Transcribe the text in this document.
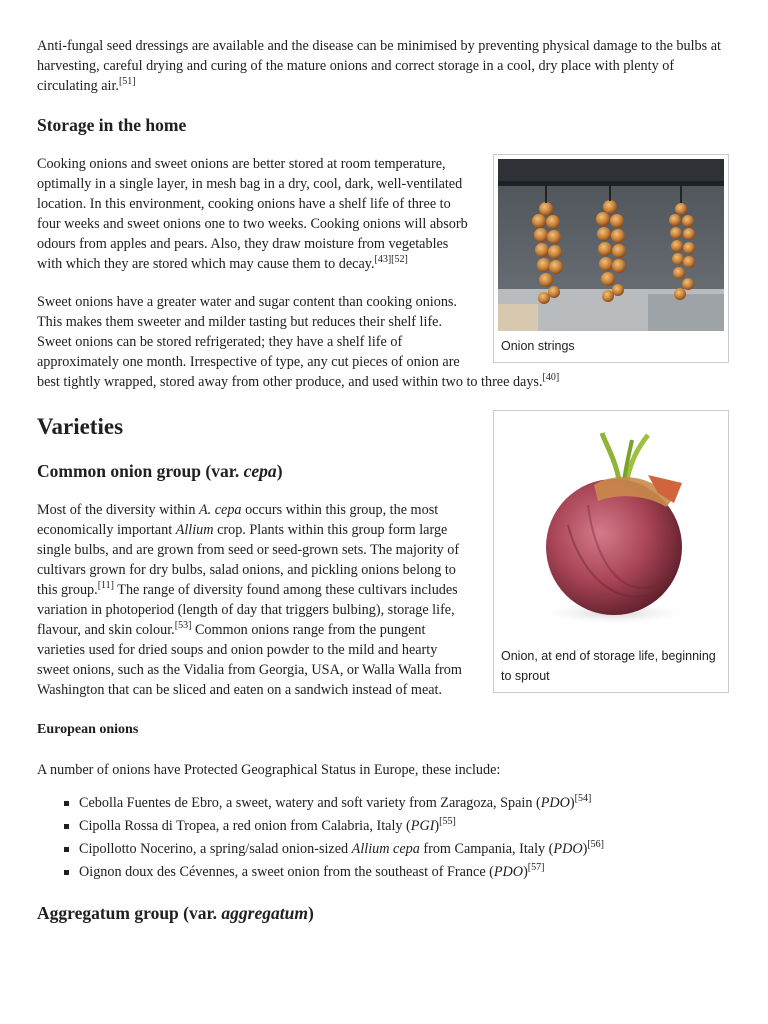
Anti-fungal seed dressings are available and the disease can be minimised by preventing physical damage to the bulbs at harvesting, careful drying and curing of the mature onions and correct storage in a cool, dry place with plenty of circulating air.[51]

Storage in the home
Onion strings

Cooking onions and sweet onions are better stored at room temperature, optimally in a single layer, in mesh bag in a dry, cool, dark, well-ventilated location. In this environment, cooking onions have a shelf life of three to four weeks and sweet onions one to two weeks. Cooking onions will absorb odours from apples and pears. Also, they draw moisture from vegetables with which they are stored which may cause them to decay.[43][52]

Sweet onions have a greater water and sugar content than cooking onions. This makes them sweeter and milder tasting but reduces their shelf life. Sweet onions can be stored refrigerated; they have a shelf life of approximately one month. Irrespective of type, any cut pieces of onion are best tightly wrapped, stored away from other produce, and used within two to three days.[40]

Onion, at end of storage life, beginning to sprout
Varieties
Common onion group (var. cepa)

Most of the diversity within A. cepa occurs within this group, the most economically important Allium crop. Plants within this group form large single bulbs, and are grown from seed or seed-grown sets. The majority of cultivars grown for dry bulbs, salad onions, and pickling onions belong to this group.[11] The range of diversity found among these cultivars includes variation in photoperiod (length of day that triggers bulbing), storage life, flavour, and skin colour.[53] Common onions range from the pungent varieties used for dried soups and onion powder to the mild and hearty sweet onions, such as the Vidalia from Georgia, USA, or Walla Walla from Washington that can be sliced and eaten on a sandwich instead of meat.

European onions

A number of onions have Protected Geographical Status in Europe, these include:

Cebolla Fuentes de Ebro, a sweet, watery and soft variety from Zaragoza, Spain (PDO)[54]
Cipolla Rossa di Tropea, a red onion from Calabria, Italy (PGI)[55]
Cipollotto Nocerino, a spring/salad onion-sized Allium cepa from Campania, Italy (PDO)[56]
Oignon doux des Cévennes, a sweet onion from the southeast of France (PDO)[57]
Aggregatum group (var. aggregatum)
